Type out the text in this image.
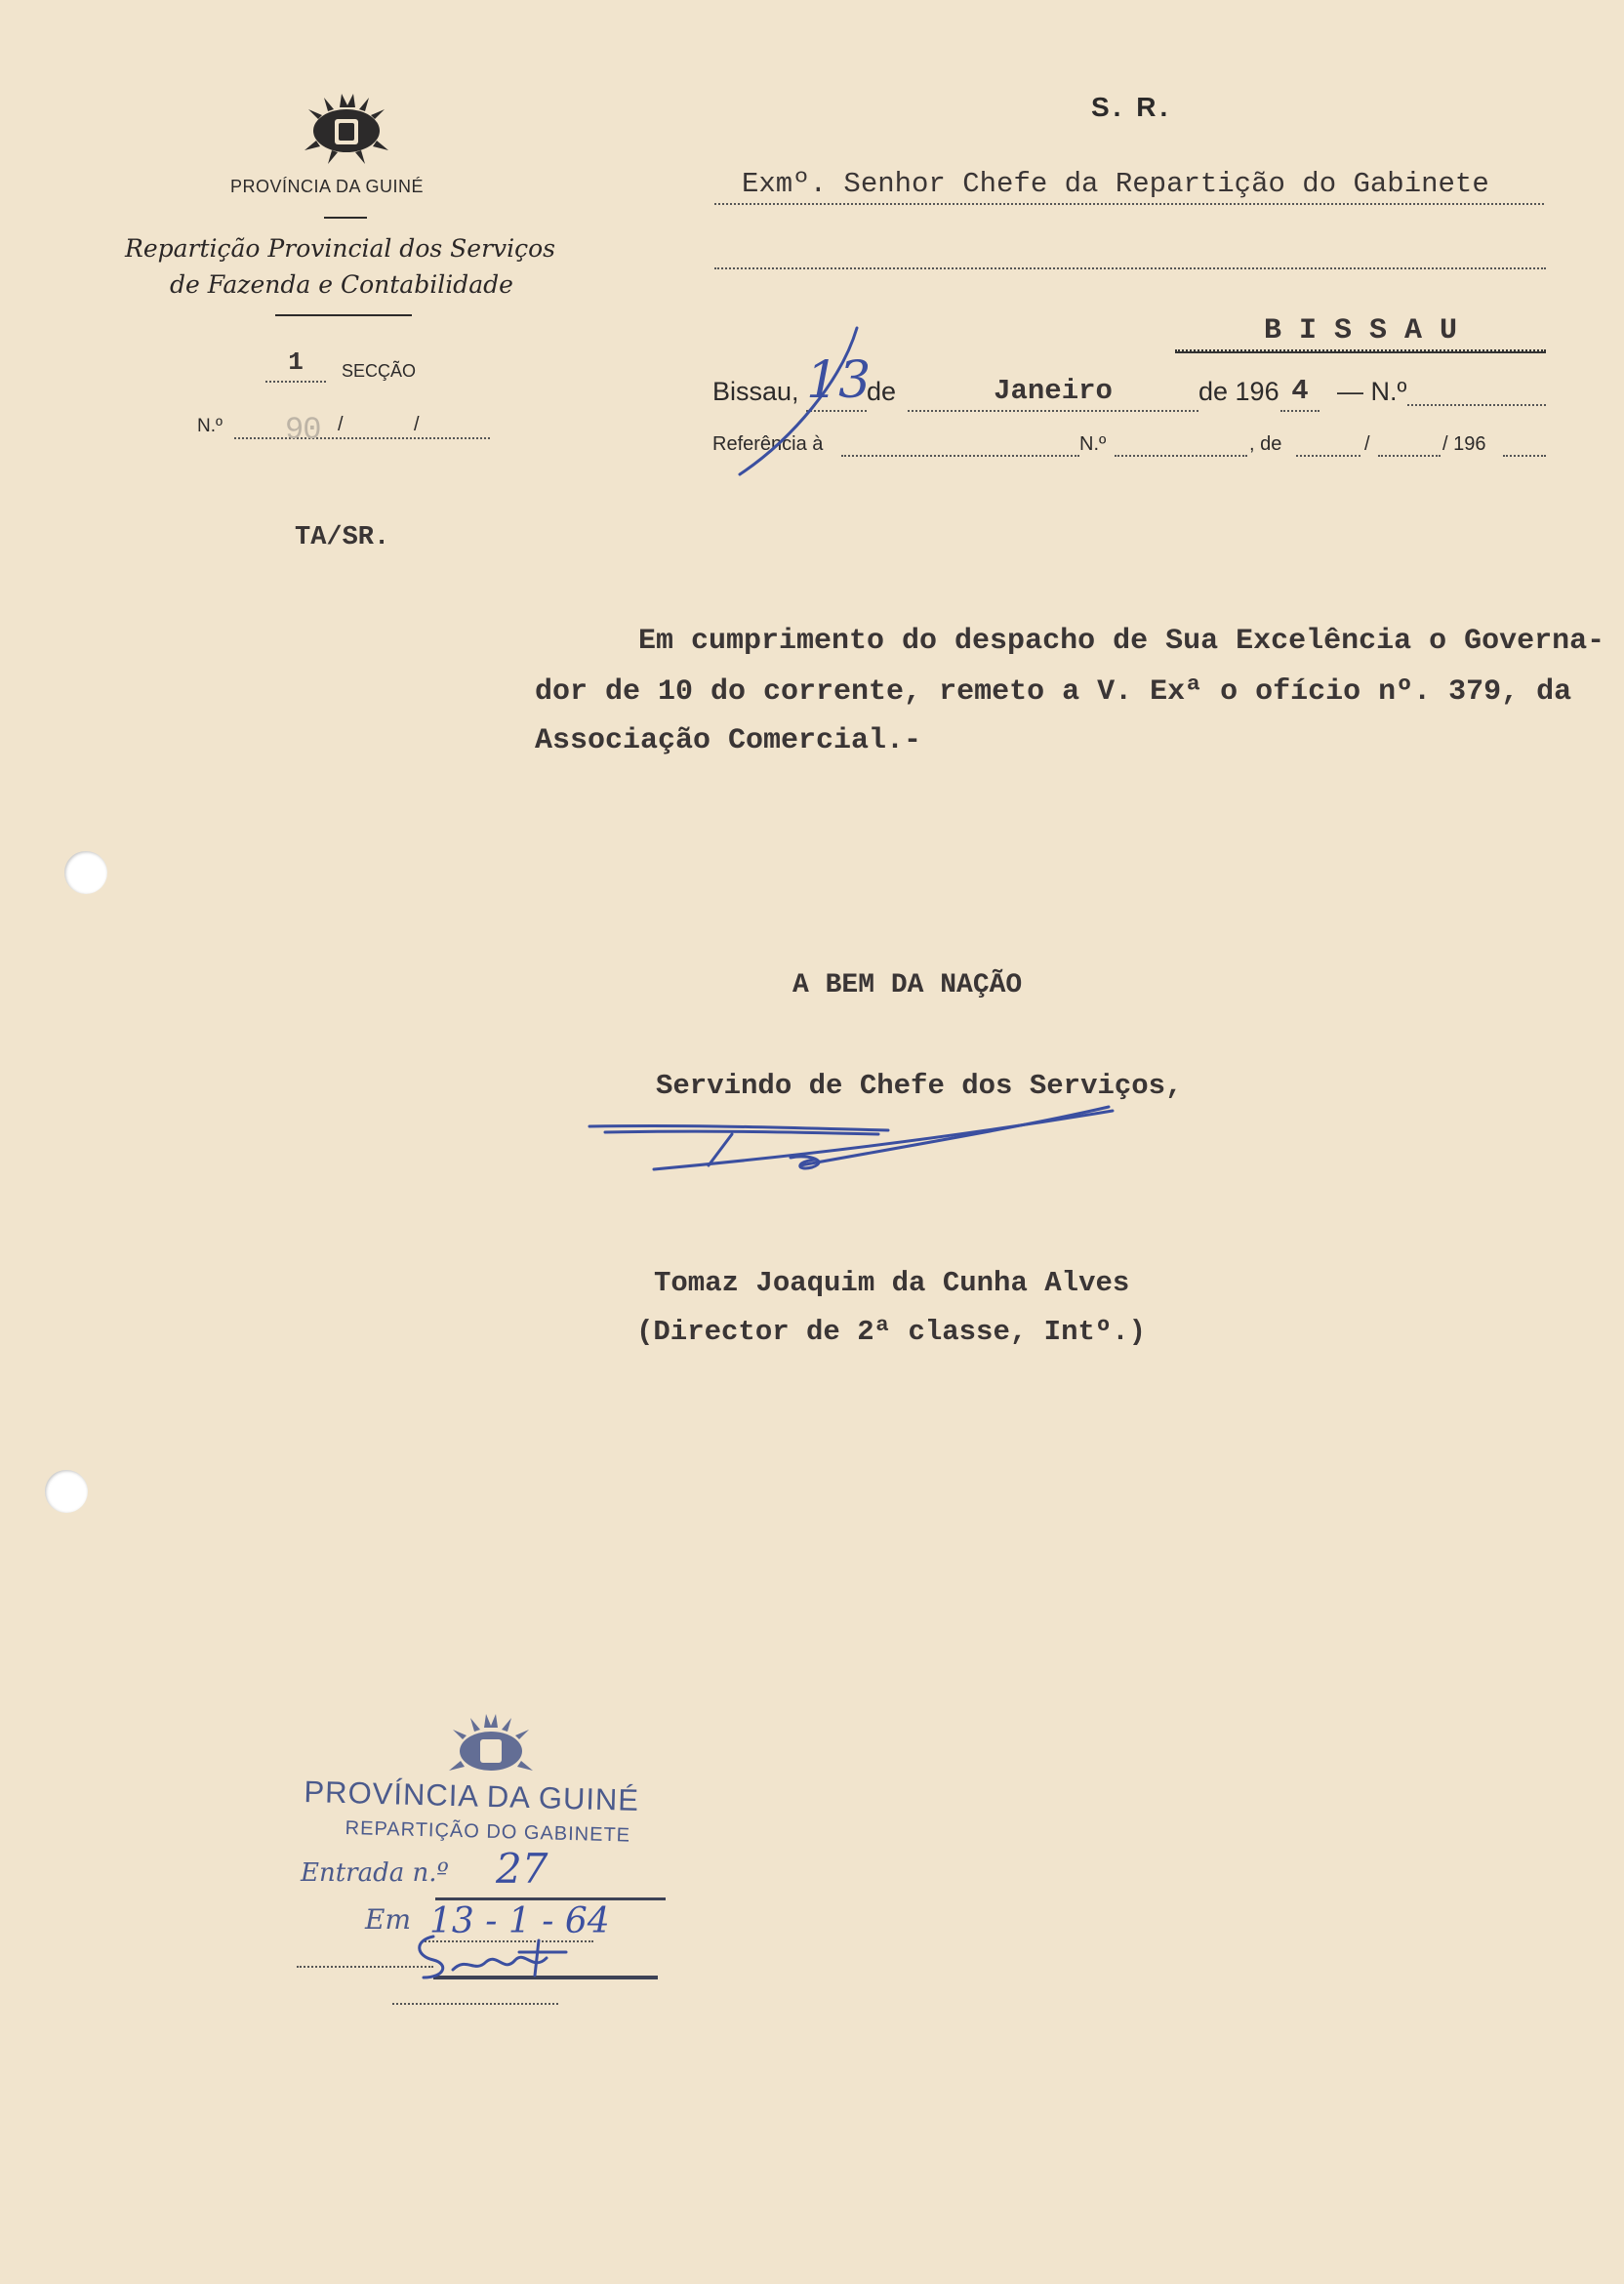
PROVÍNCIA DA GUINÉ
Repartição Provincial dos Serviços
de Fazenda e Contabilidade
1	SECÇÃO
N.º 90 /	/
TA/SR.
S. R.
Exmº. Senhor Chefe da Repartição do Gabinete
B I S S A U
Bissau, 13
de	Janeiro	de 196 4	— N.º
Referência à	N.º	, de	/	/ 196
Em cumprimento do despacho de Sua Excelência o Governa-
dor de 10 do corrente, remeto a V. Exª o ofício nº. 379, da
Associação Comercial.-
A BEM DA NAÇÃO
Servindo de Chefe dos Serviços,
Tomaz Joaquim da Cunha Alves
(Director de 2ª classe, Intº.)
PROVÍNCIA DA GUINÉ
REPARTIÇÃO DO GABINETE
Entrada n.º 27
Em 13 - 1 - 64
